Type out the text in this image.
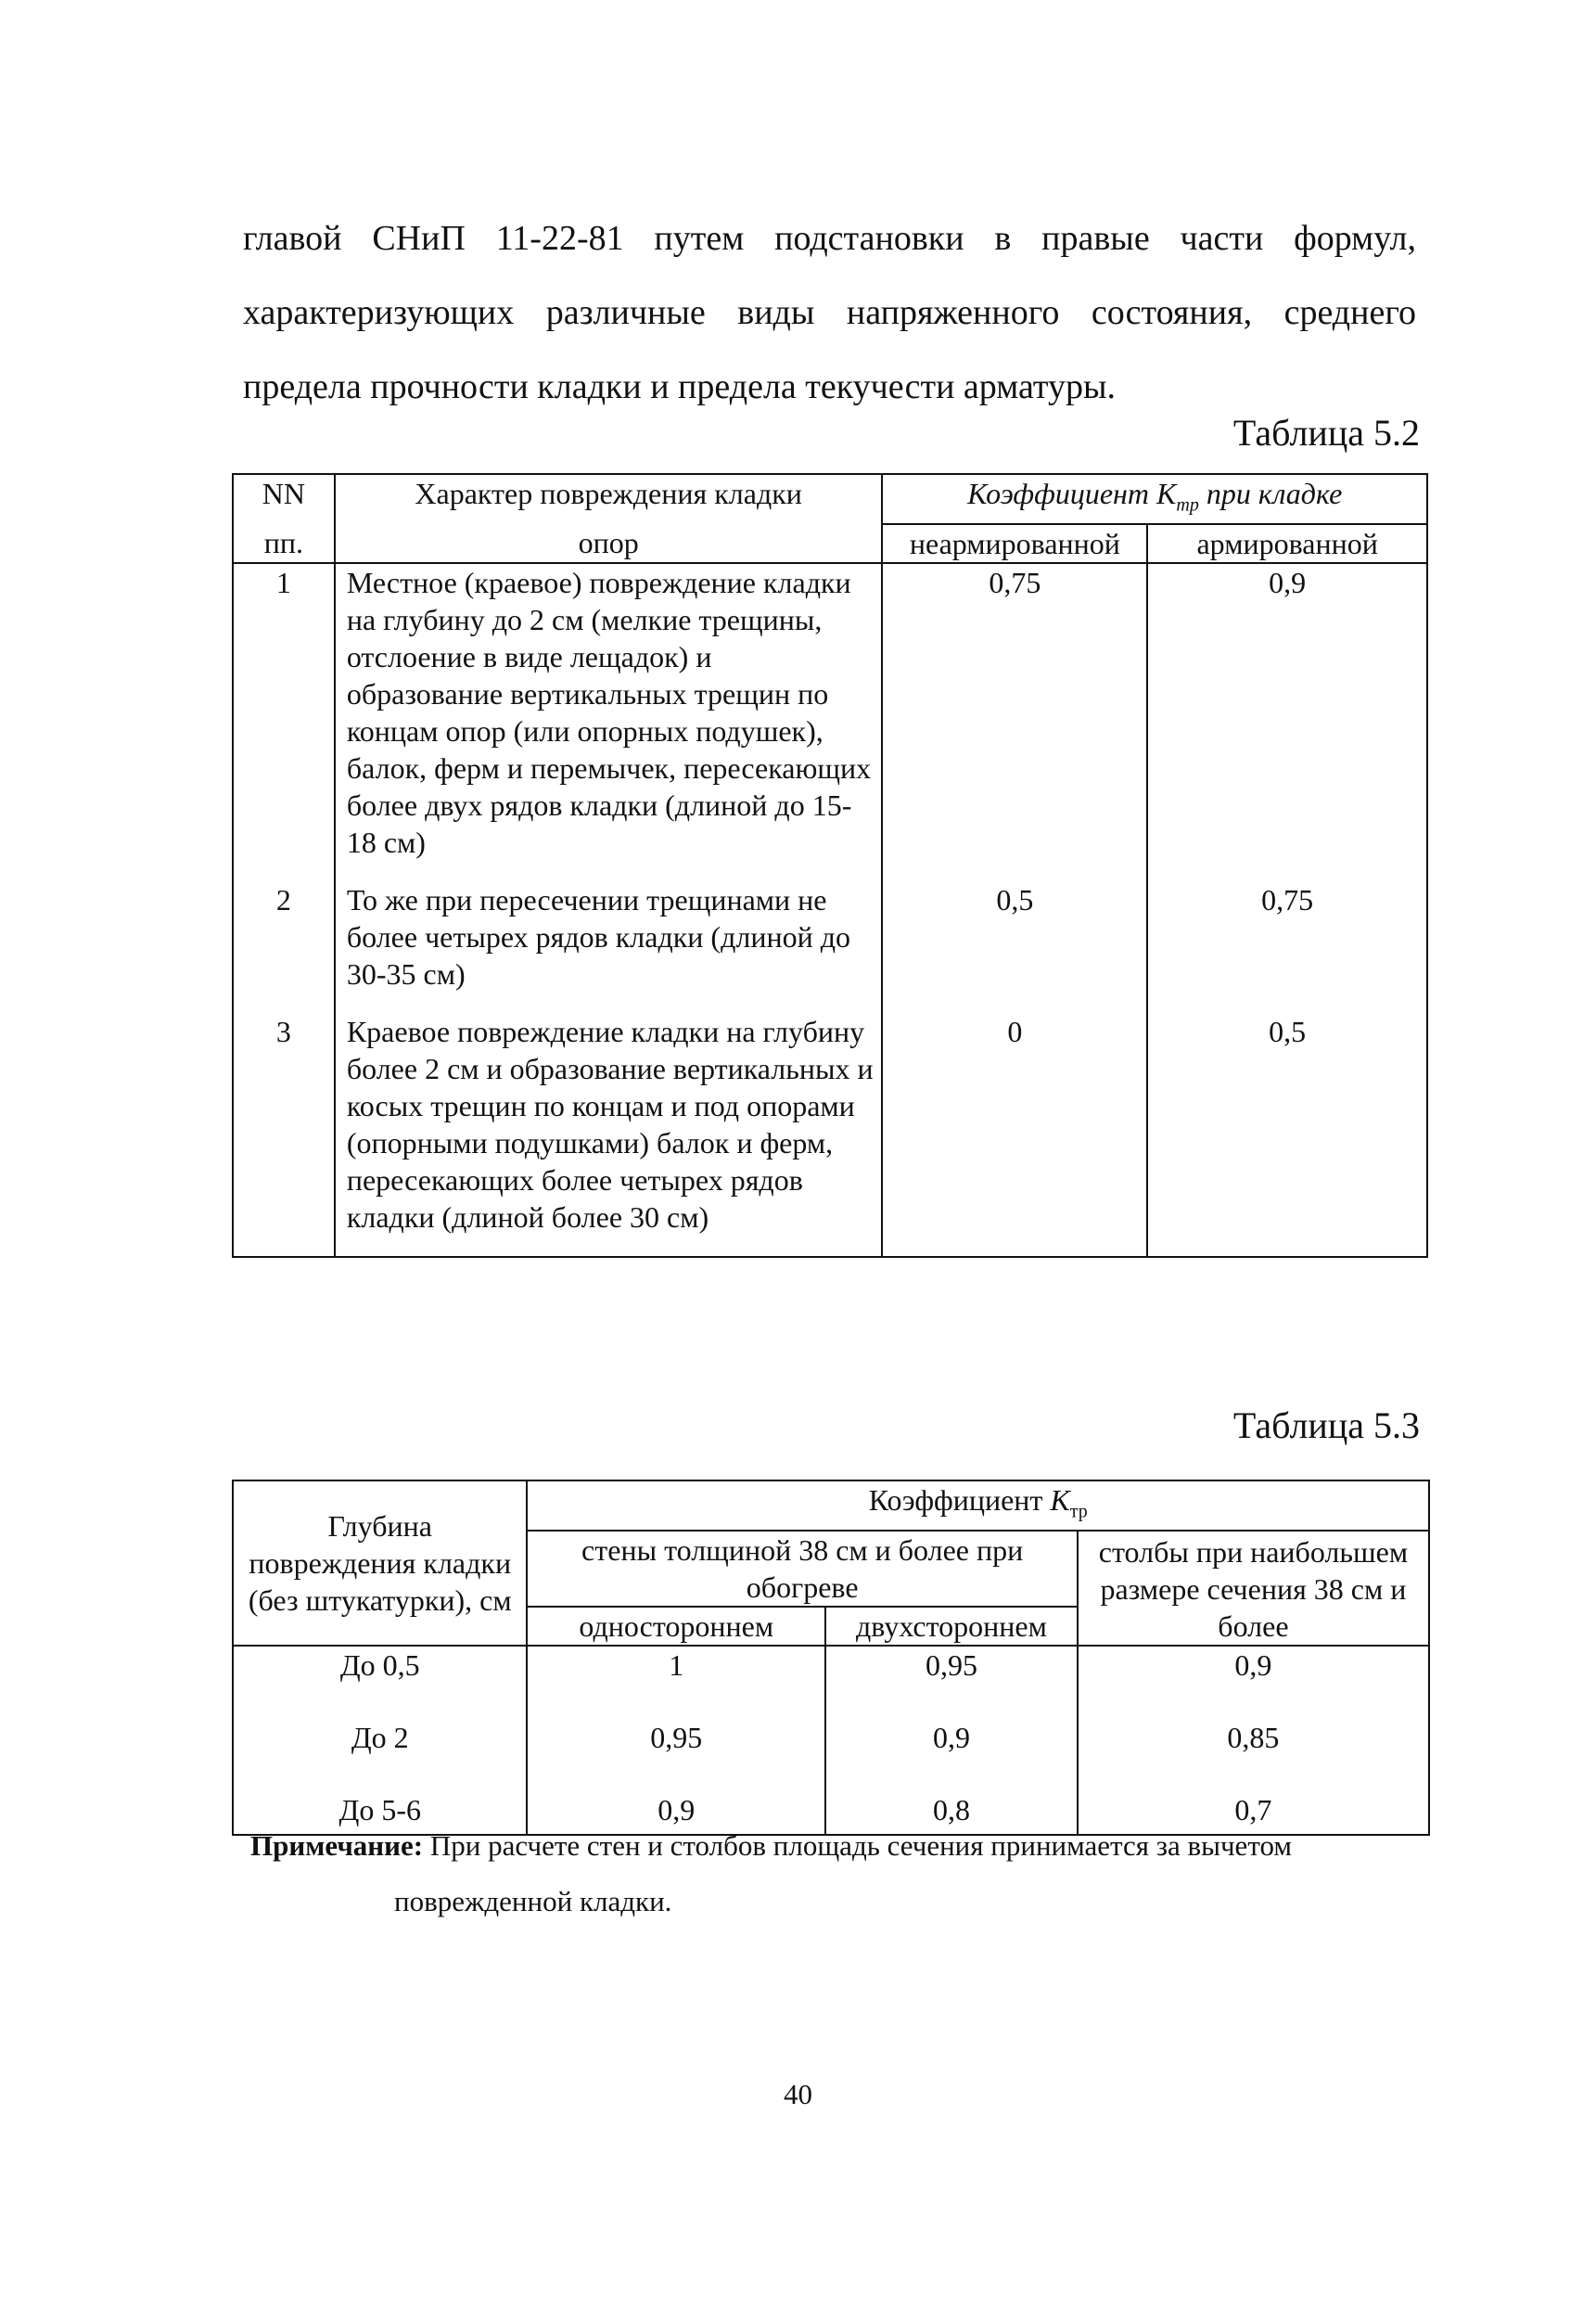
главой СНиП 11-22-81 путем подстановки в правые части формул,
характеризующих различные виды напряженного состояния, среднего
предела прочности кладки и предела текучести арматуры.
Таблица 5.2
NN	Характер повреждения кладки	Коэффициент $K_{тр}$ при кладке	
пп.	опор	неармированной	армированной
1	Местное (краевое) повреждение кладки на глубину до 2 см (мелкие трещины, отслоение в виде лещадок) и образование вертикальных трещин по концам опор (или опорных подушек), балок, ферм и перемычек, пересекающих более двух рядов кладки (длиной до 15-18 см)	0,75	0,9
2	То же при пересечении трещинами не более четырех рядов кладки (длиной до 30-35 см)	0,5	0,75
3	Краевое повреждение кладки на глубину более 2 см и образование вертикальных и косых трещин по концам и под опорами (опорными подушками) балок и ферм, пересекающих более четырех рядов кладки (длиной более 30 см)	0	0,5
Таблица 5.3
Глубина повреждения кладки (без штукатурки), см	Коэффициент $K_{тр}$
	стены толщиной 38 см и более при обогреве		столбы при наибольшем размере сечения 38 см и более
	одностороннем	двухстороннем	
До 0,5	1	0,95	0,9
До 2	0,95	0,9	0,85
До 5-6	0,9	0,8	0,7
Примечание: При расчете стен и столбов площадь сечения принимается за вычетом
поврежденной кладки.
40
